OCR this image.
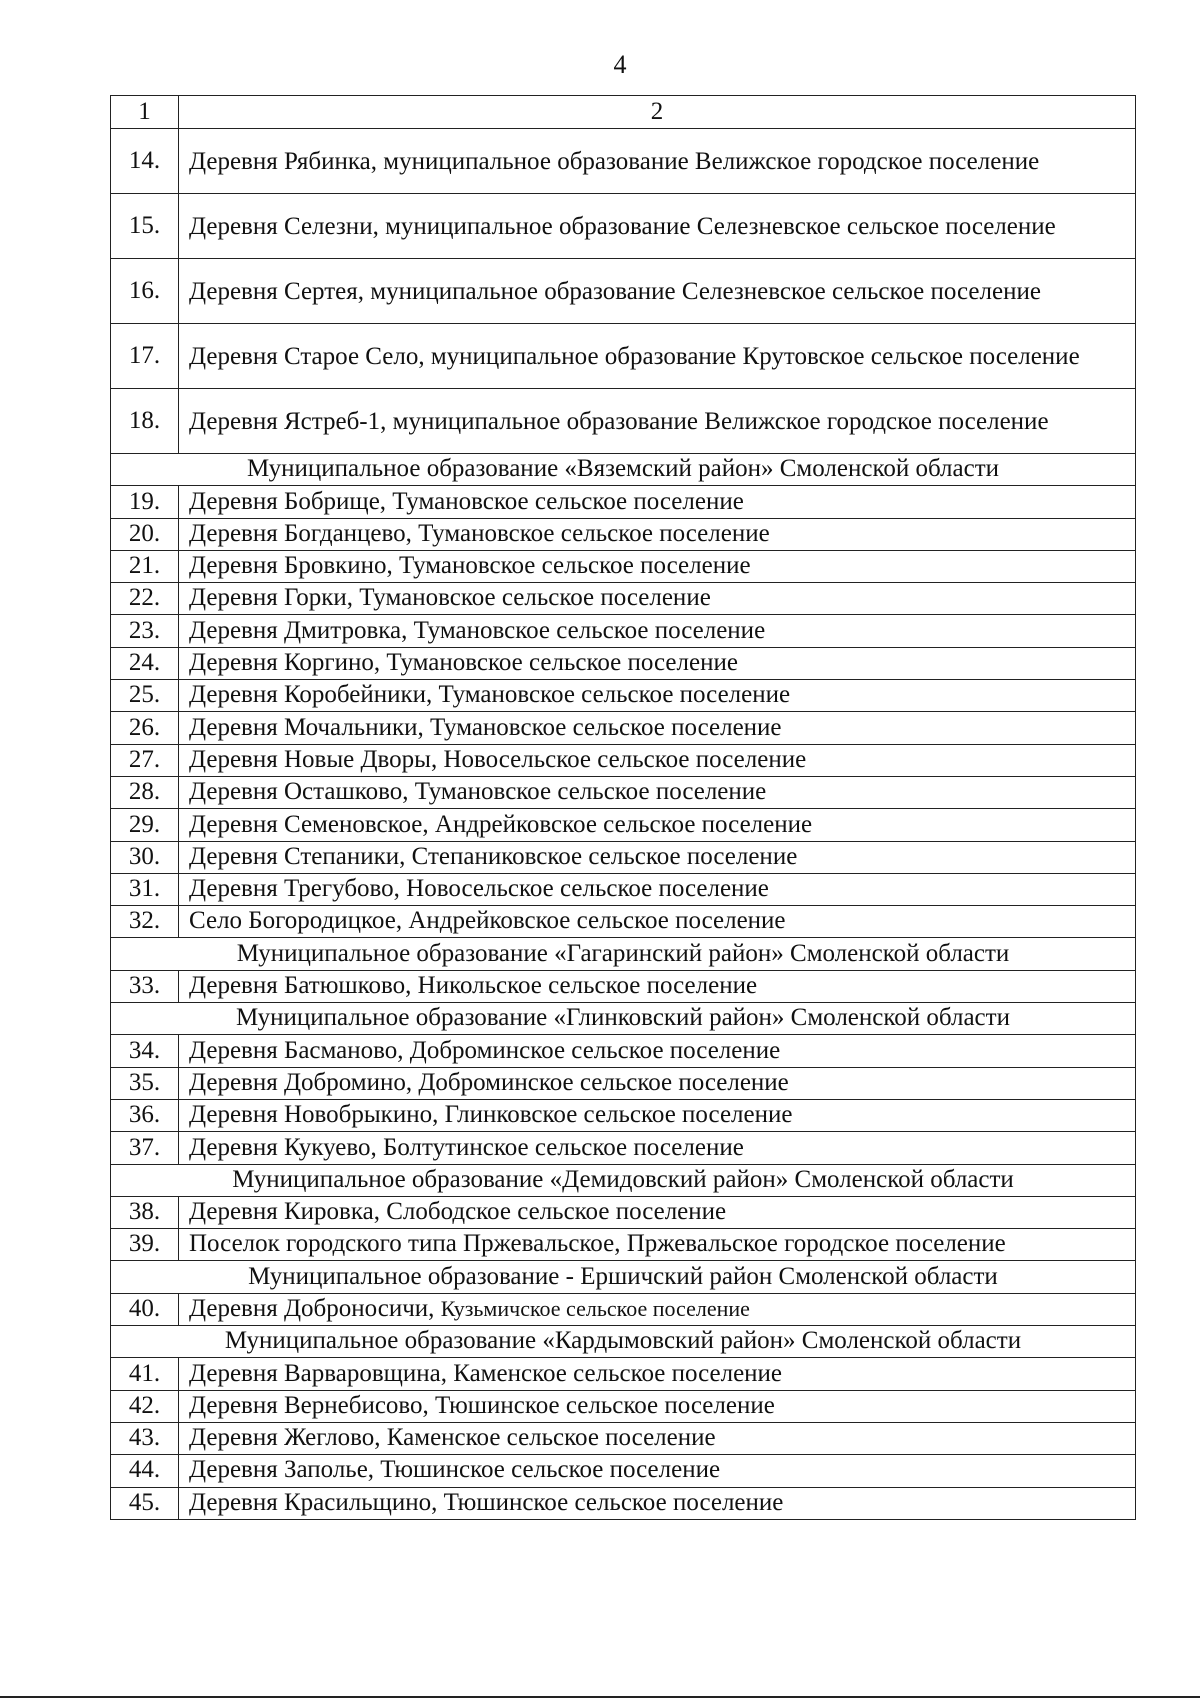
4
1	2
14.	Деревня Рябинка, муниципальное образование Велижское городское поселение
15.	Деревня Селезни, муниципальное образование Селезневское сельское поселение
16.	Деревня Сертея, муниципальное образование Селезневское сельское поселение
17.	Деревня Старое Село, муниципальное образование Крутовское сельское поселение
18.	Деревня Ястреб-1, муниципальное образование Велижское городское поселение
Муниципальное образование «Вяземский район» Смоленской области	
19.	Деревня Бобрище, Тумановское сельское поселение
20.	Деревня Богданцево, Тумановское сельское поселение
21.	Деревня Бровкино, Тумановское сельское поселение
22.	Деревня Горки, Тумановское сельское поселение
23.	Деревня Дмитровка, Тумановское сельское поселение
24.	Деревня Коргино, Тумановское сельское поселение
25.	Деревня Коробейники, Тумановское сельское поселение
26.	Деревня Мочальники, Тумановское сельское поселение
27.	Деревня Новые Дворы, Новосельское сельское поселение
28.	Деревня Осташково, Тумановское сельское поселение
29.	Деревня Семеновское, Андрейковское сельское поселение
30.	Деревня Степаники, Степаниковское сельское поселение
31.	Деревня Трегубово, Новосельское сельское поселение
32.	Село Богородицкое, Андрейковское сельское поселение
Муниципальное образование «Гагаринский район» Смоленской области	
33.	Деревня Батюшково, Никольское сельское поселение
Муниципальное образование «Глинковский район» Смоленской области	
34.	Деревня Басманово, Доброминское сельское поселение
35.	Деревня Добромино, Доброминское сельское поселение
36.	Деревня Новобрыкино, Глинковское сельское поселение
37.	Деревня Кукуево, Болтутинское сельское поселение
Муниципальное образование «Демидовский район» Смоленской области	
38.	Деревня Кировка, Слободское сельское поселение
39.	Поселок городского типа Пржевальское, Пржевальское городское поселение
Муниципальное образование - Ершичский район Смоленской области	
40.	Деревня Доброносичи, Кузьмичское сельское поселение
Муниципальное образование «Кардымовский район» Смоленской области	
41.	Деревня Варваровщина, Каменское сельское поселение
42.	Деревня Вернебисово, Тюшинское сельское поселение
43.	Деревня Жеглово, Каменское сельское поселение
44.	Деревня Заполье, Тюшинское сельское поселение
45.	Деревня Красильщино, Тюшинское сельское поселение
